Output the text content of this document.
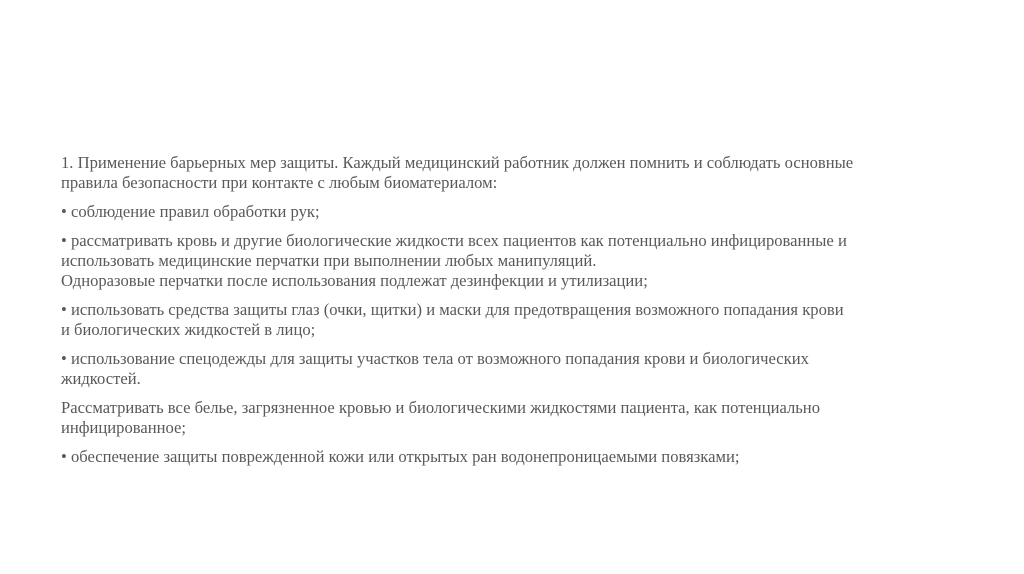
1. Применение барьерных мер защиты. Каждый медицинский работник должен помнить и соблюдать основные
правила безопасности при контакте с любым биоматериалом:

• соблюдение правил обработки рук;

• рассматривать кровь и другие биологические жидкости всех пациентов как потенциально инфицированные и
использовать медицинские перчатки при выполнении любых манипуляций.
Одноразовые перчатки после использования подлежат дезинфекции и утилизации;

• использовать средства защиты глаз (очки, щитки) и маски для предотвращения возможного попадания крови
и биологических жидкостей в лицо;

• использование спецодежды для защиты участков тела от возможного попадания крови и биологических
жидкостей.

Рассматривать все белье, загрязненное кровью и биологическими жидкостями пациента, как потенциально
инфицированное;

• обеспечение защиты поврежденной кожи или открытых ран водонепроницаемыми повязками;
